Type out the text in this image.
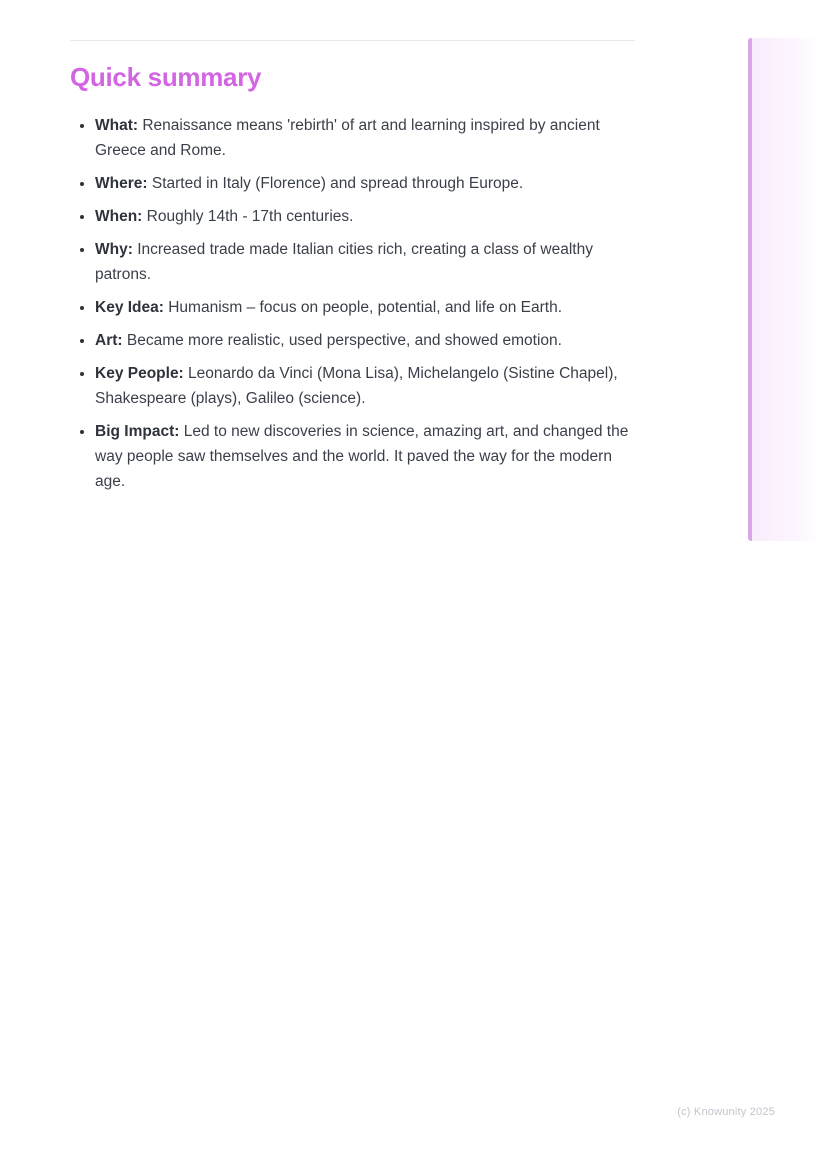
Quick summary
• What: Renaissance means 'rebirth' of art and learning inspired by ancient Greece and Rome.
• Where: Started in Italy (Florence) and spread through Europe.
• When: Roughly 14th - 17th centuries.
• Why: Increased trade made Italian cities rich, creating a class of wealthy patrons.
• Key Idea: Humanism – focus on people, potential, and life on Earth.
• Art: Became more realistic, used perspective, and showed emotion.
• Key People: Leonardo da Vinci (Mona Lisa), Michelangelo (Sistine Chapel), Shakespeare (plays), Galileo (science).
• Big Impact: Led to new discoveries in science, amazing art, and changed the way people saw themselves and the world. It paved the way for the modern age.
(c) Knowunity 2025
